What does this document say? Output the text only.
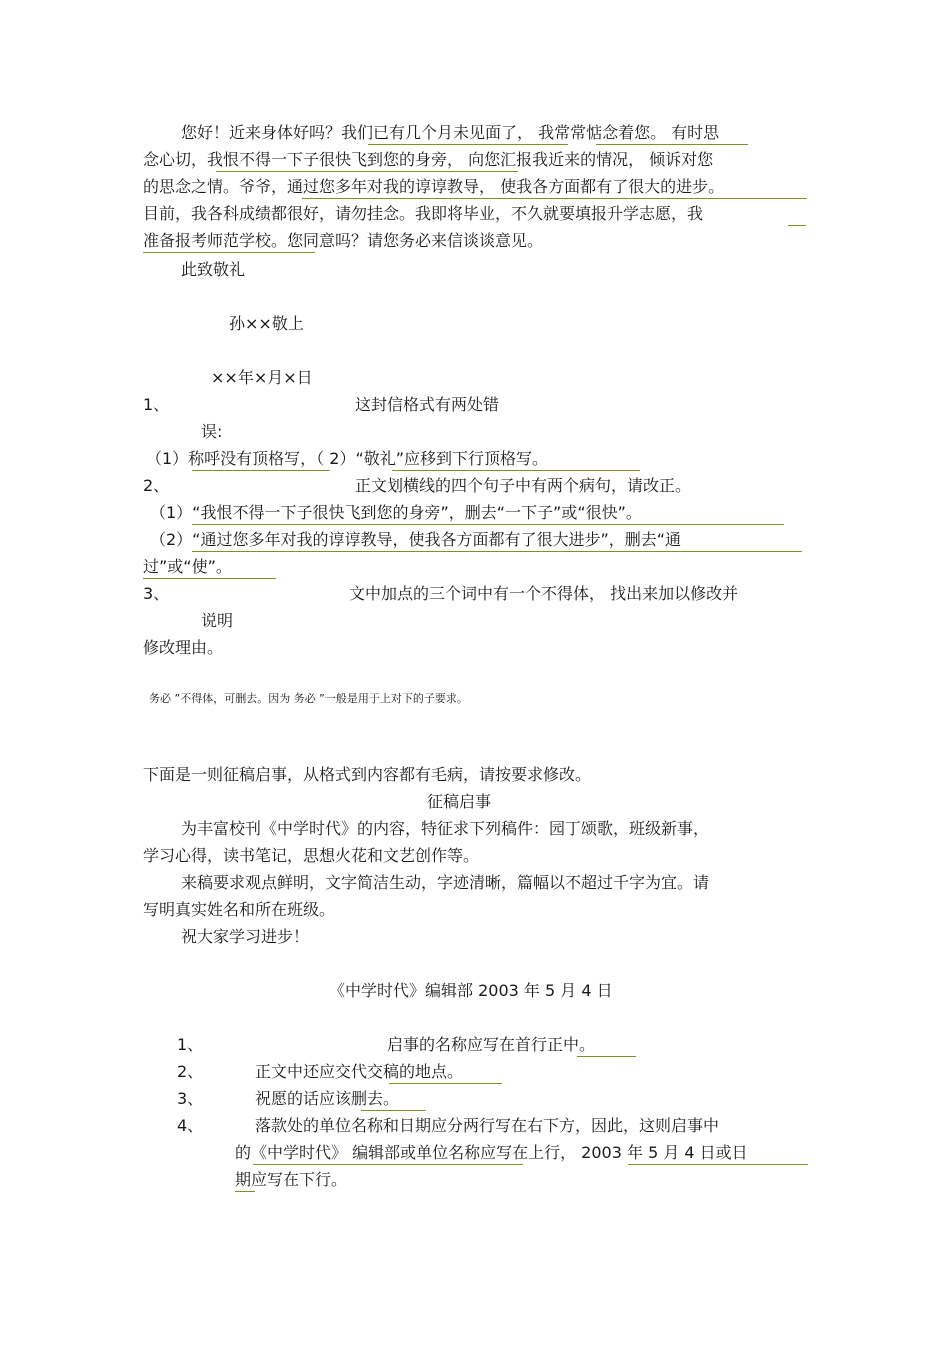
您好！近来身体好吗？我们已有几个月未见面了， 我常常惦念着您。 有时思
念心切，我恨不得一下子很快飞到您的身旁， 向您汇报我近来的情况， 倾诉对您
的思念之情。爷爷，通过您多年对我的谆谆教导， 使我各方面都有了很大的进步。
目前，我各科成绩都很好，请勿挂念。我即将毕业，不久就要填报升学志愿，我
准备报考师范学校。您同意吗？请您务必来信谈谈意见。
此致敬礼
孙××敬上
××年×月×日
1、	这封信格式有两处错
误:
（1）称呼没有顶格写，（ 2）“敬礼”应移到下行顶格写。
2、	正文划横线的四个句子中有两个病句，请改正。
（1）“我恨不得一下子很快飞到您的身旁”，删去“一下子”或“很快”。
（2）“通过您多年对我的谆谆教导，使我各方面都有了很大进步”，删去“通
过”或“使”。
3、	文中加点的三个词中有一个不得体， 找出来加以修改并
说明
修改理由。
务必 ”不得体，可删去。因为 务必 ”一般是用于上对下的子要求。
下面是一则征稿启事，从格式到内容都有毛病，请按要求修改。
征稿启事
为丰富校刊《中学时代》的内容，特征求下列稿件：园丁颂歌，班级新事，
学习心得，读书笔记，思想火花和文艺创作等。
来稿要求观点鲜明，文字简洁生动，字迹清晰，篇幅以不超过千字为宜。请
写明真实姓名和所在班级。
祝大家学习进步！
《中学时代》编辑部 2003 年 5 月 4 日
1、	启事的名称应写在首行正中。
2、	正文中还应交代交稿的地点。
3、	祝愿的话应该删去。
4、	落款处的单位名称和日期应分两行写在右下方，因此，这则启事中
的《中学时代》 编辑部或单位名称应写在上行， 2003 年 5 月 4 日或日
期应写在下行。
